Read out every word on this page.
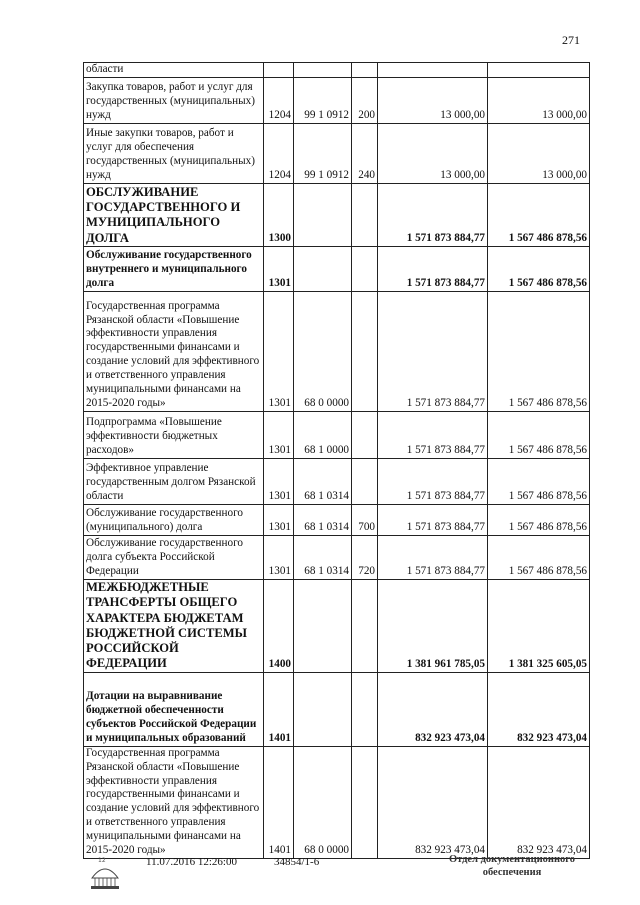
271
области					
Закупка товаров, работ и услуг для государственных (муниципальных) нужд	1204	99 1 0912	200	13 000,00	13 000,00
Иные закупки товаров, работ и услуг для обеспечения государственных (муниципальных) нужд	1204	99 1 0912	240	13 000,00	13 000,00
ОБСЛУЖИВАНИЕ ГОСУДАРСТВЕННОГО И МУНИЦИПАЛЬНОГО ДОЛГА	1300			1 571 873 884,77	1 567 486 878,56
Обслуживание государственного внутреннего и муниципального долга	1301			1 571 873 884,77	1 567 486 878,56
Государственная программа Рязанской области «Повышение эффективности управления государственными финансами и создание условий для эффективного и ответственного управления муниципальными финансами на 2015-2020 годы»	1301	68 0 0000		1 571 873 884,77	1 567 486 878,56
Подпрограмма «Повышение эффективности бюджетных расходов»	1301	68 1 0000		1 571 873 884,77	1 567 486 878,56
Эффективное управление государственным долгом Рязанской области	1301	68 1 0314		1 571 873 884,77	1 567 486 878,56
Обслуживание государственного (муниципального) долга	1301	68 1 0314	700	1 571 873 884,77	1 567 486 878,56
Обслуживание государственного долга субъекта Российской Федерации	1301	68 1 0314	720	1 571 873 884,77	1 567 486 878,56
МЕЖБЮДЖЕТНЫЕ ТРАНСФЕРТЫ ОБЩЕГО ХАРАКТЕРА БЮДЖЕТАМ БЮДЖЕТНОЙ СИСТЕМЫ РОССИЙСКОЙ ФЕДЕРАЦИИ	1400			1 381 961 785,05	1 381 325 605,05
Дотации на выравнивание бюджетной обеспеченности субъектов Российской Федерации и муниципальных образований	1401			832 923 473,04	832 923 473,04
Государственная программа Рязанской области «Повышение эффективности управления государственными финансами и создание условий для эффективного и ответственного управления муниципальными финансами на 2015-2020 годы»	1401	68 0 0000		832 923 473,04	832 923 473,04
12	11.07.2016 12:26:00	34854/1-6	Отдел документационного обеспечения
